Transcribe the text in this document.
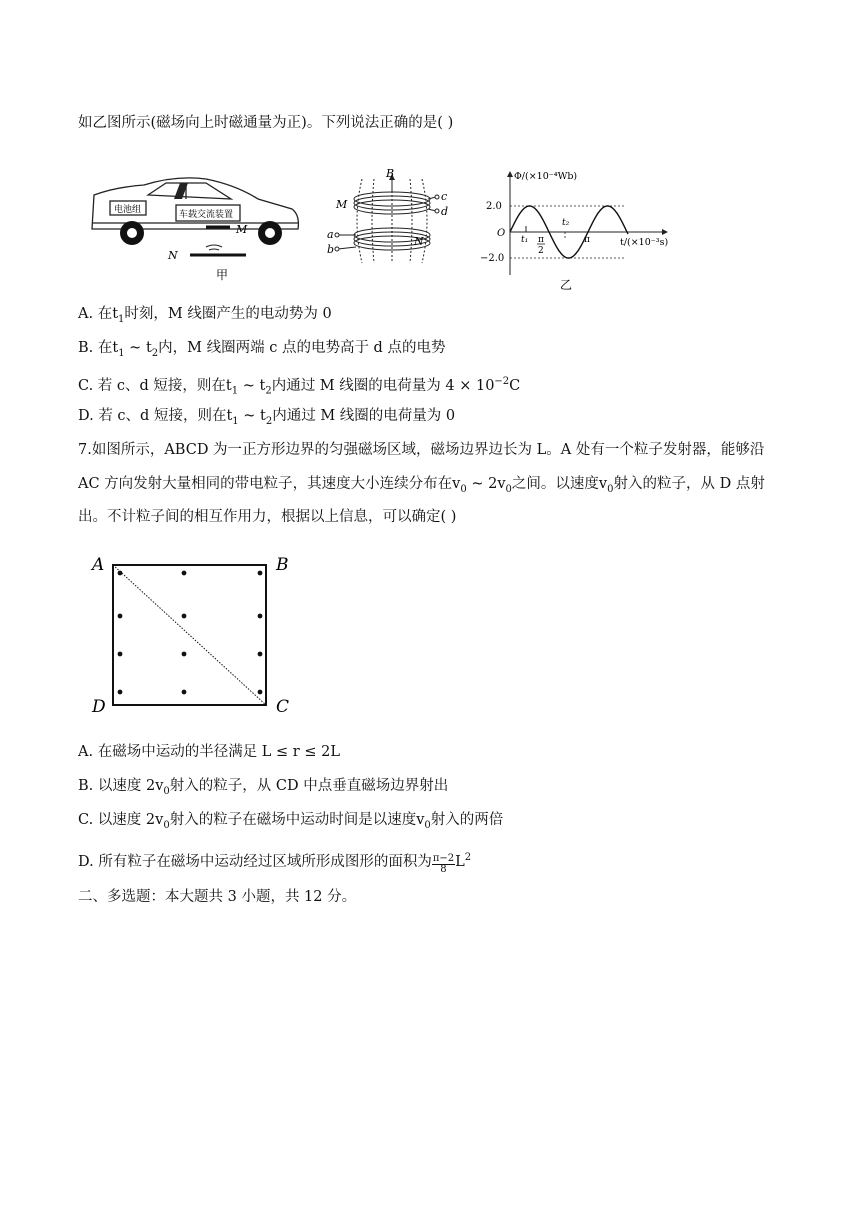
如乙图所示(磁场向上时磁通量为正)。下列说法正确的是( )
电池组	车载交流装置
M
N
甲
B
M
N
a
b
c
d
Φ/(×10⁻⁴Wb)
t/(×10⁻³s)
O
2.0
−2.0
t₁
t₂
π
2
π
乙
A. 在$t_1$时刻，M 线圈产生的电动势为 0
B. 在$t_1$ ~ $t_2$内，M 线圈两端 c 点的电势高于 d 点的电势
C. 若 c、d 短接，则在$t_1$ ~ $t_2$内通过 M 线圈的电荷量为 $4 \times 10^{-2}C$
D. 若 c、d 短接，则在$t_1$ ~ $t_2$内通过 M 线圈的电荷量为 0
7.如图所示，ABCD 为一正方形边界的匀强磁场区域，磁场边界边长为 L。A 处有一个粒子发射器，能够沿
AC 方向发射大量相同的带电粒子，其速度大小连续分布在$v_0$ ~ $2v_0$之间。以速度$v_0$射入的粒子，从 D 点射
出。不计粒子间的相互作用力，根据以上信息，可以确定( )
A	B
C
D
A. 在磁场中运动的半径满足 L ≤ r ≤ 2L
B. 以速度 $2v_0$射入的粒子，从 CD 中点垂直磁场边界射出
C. 以速度 $2v_0$射入的粒子在磁场中运动时间是以速度$v_0$射入的两倍
D. 所有粒子在磁场中运动经过区域所形成图形的面积为 $\frac{\pi-2}{8} L^2$
二、多选题：本大题共 3 小题，共 12 分。
